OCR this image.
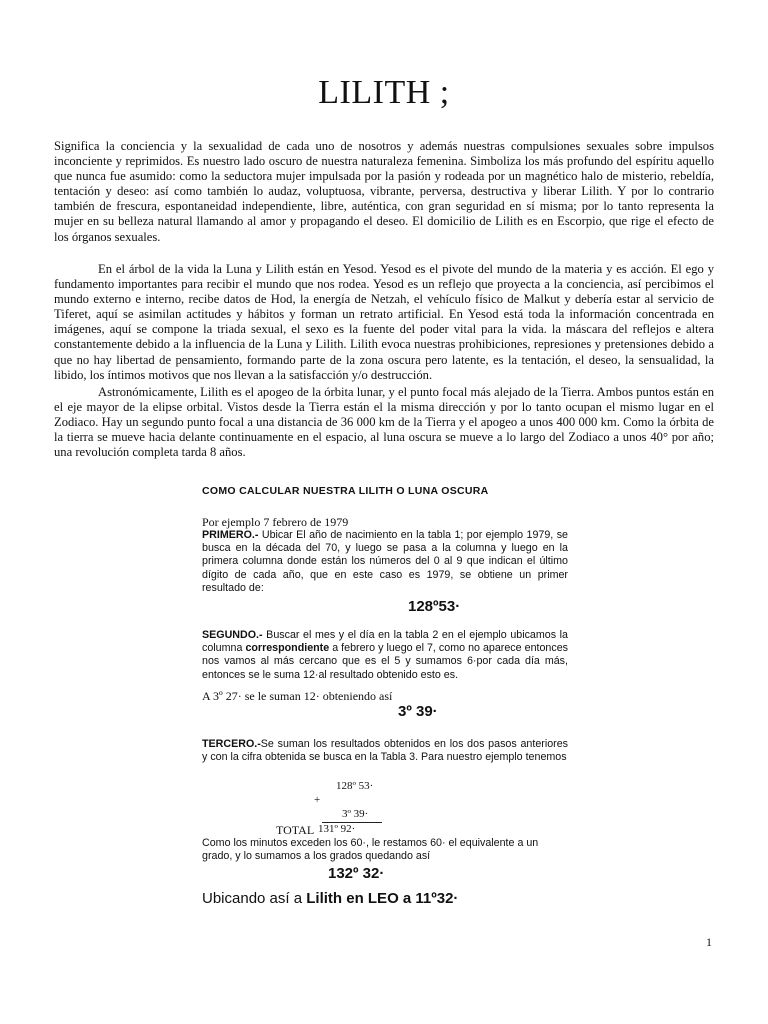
LILITH ;

Significa la conciencia y la sexualidad de cada uno de nosotros y además nuestras compulsiones sexuales sobre impulsos inconciente y reprimidos. Es nuestro lado oscuro de nuestra naturaleza femenina. Simboliza los más profundo del espíritu aquello que nunca fue asumido: como la seductora mujer impulsada por la pasión y rodeada por un magnético halo de misterio, rebeldía, tentación y deseo: así como también lo audaz, voluptuosa, vibrante, perversa, destructiva y liberar Lilith. Y por lo contrario también de frescura, espontaneidad independiente, libre, auténtica, con gran seguridad en sí misma; por lo tanto representa la mujer en su belleza natural llamando al amor y propagando el deseo. El domicilio de Lilith es en Escorpio, que rige el efecto de los órganos sexuales.

En el árbol de la vida la Luna y Lilith están en Yesod. Yesod es el pivote del mundo de la materia y es acción. El ego y fundamento importantes para recibir el mundo que nos rodea. Yesod es un reflejo que proyecta a la conciencia, así percibimos el mundo externo e interno, recibe datos de Hod, la energía de Netzah, el vehículo físico de Malkut y debería estar al servicio de Tiferet, aquí se asimilan actitudes y hábitos y forman un retrato artificial. En Yesod está toda la información concentrada en imágenes, aquí se compone la triada sexual, el sexo es la fuente del poder vital para la vida. la máscara del reflejos e altera constantemente debido a la influencia de la Luna y Lilith. Lilith evoca nuestras prohibiciones, represiones y pretensiones debido a que no hay libertad de pensamiento, formando parte de la zona oscura pero latente, es la tentación, el deseo, la sensualidad, la libido, los íntimos motivos que nos llevan a la satisfacción y/o destrucción.

Astronómicamente, Lilith es el apogeo de la órbita lunar, y el punto focal más alejado de la Tierra. Ambos puntos están en el eje mayor de la elipse orbital. Vistos desde la Tierra están el la misma dirección y por lo tanto ocupan el mismo lugar en el Zodiaco. Hay un segundo punto focal a una distancia de 36 000 km de la Tierra y el apogeo a unos 400 000 km. Como la órbita de la tierra se mueve hacia delante continuamente en el espacio, al luna oscura se mueve a lo largo del Zodiaco a unos 40° por año; una revolución completa tarda 8 años.

COMO CALCULAR NUESTRA LILITH O LUNA OSCURA
Por ejemplo 7 febrero de 1979

PRIMERO.- Ubicar El año de nacimiento en la tabla 1; por ejemplo 1979, se busca en la década del 70, y luego se pasa a la columna y luego en la primera columna donde están los números del 0 al 9 que indican el último dígito de cada año, que en este caso es 1979, se obtiene un primer resultado de:

128º53·

SEGUNDO.- Buscar el mes y el día en la tabla 2 en el ejemplo ubicamos la columna correspondiente a febrero y luego el 7, como no aparece entonces nos vamos al más cercano que es el 5 y sumamos 6·por cada día más, entonces se le suma 12·al resultado obtenido esto es.

A 3º 27· se le suman 12· obteniendo así
3º 39·

TERCERO.-Se suman los resultados obtenidos en los dos pasos anteriores y con la cifra obtenida se busca en la Tabla 3. Para nuestro ejemplo tenemos

128º 53·
+
3º 39·
TOTAL 131º 92·

Como los minutos exceden los 60·, le restamos 60· el equivalente a un grado, y lo sumamos a los grados quedando así

132º 32·
Ubicando así a Lilith en LEO a 11º32·
1
